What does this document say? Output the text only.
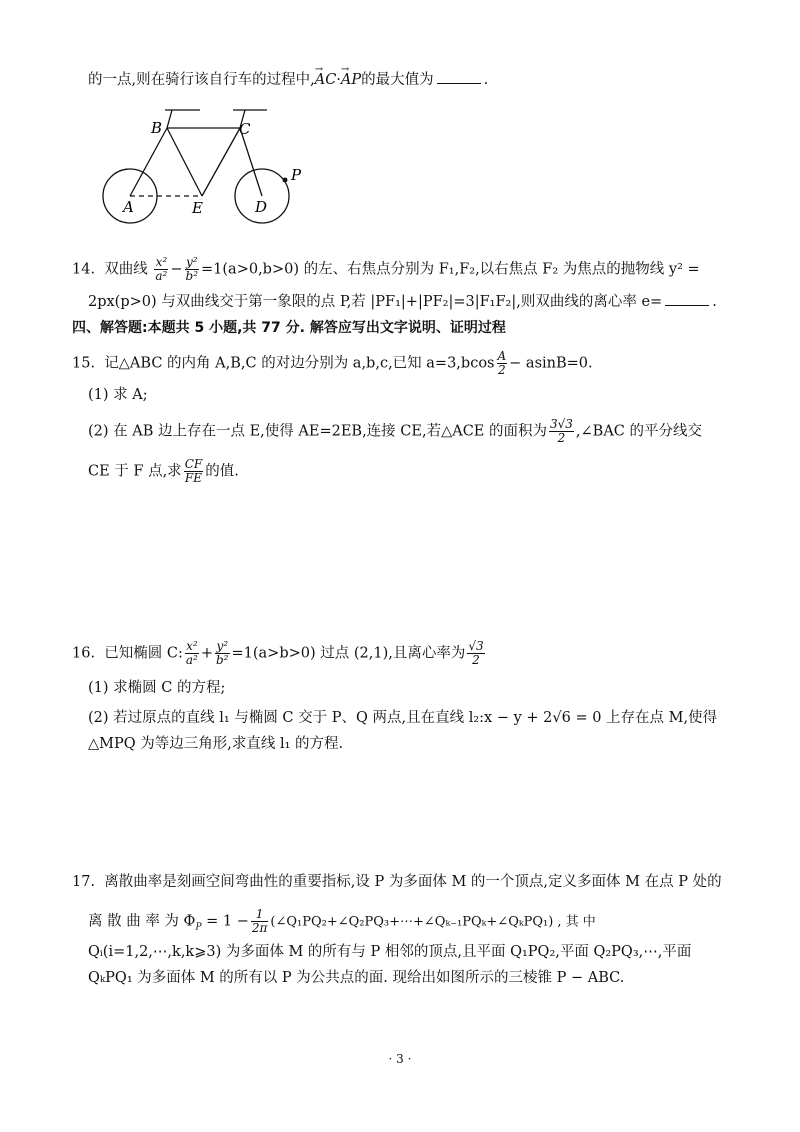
的一点,则在骑行该自行车的过程中,→ AC·→ AP的最大值为	.
B	C
A	E	D
P
14. 双曲线 $\frac{\text{x²}}{\text{a²}} - \frac{\text{y²}}{\text{b²}} =1(a>0,b>0)$ 的左、右焦点分别为 F₁,F₂,以右焦点 F₂ 为焦点的抛物线 y² =
2px(p>0) 与双曲线交于第一象限的点 P,若 |PF₁|+|PF₂|=3|F₁F₂|,则双曲线的离心率 e=	.
四、解答题:本题共 5 小题,共 77 分. 解答应写出文字说明、证明过程
15. 记△ABC 的内角 A,B,C 的对边分别为 a,b,c,已知 $a=3,bcos \frac{A}{2} - asinB=0$.
(1) 求 A;
(2) 在 AB 边上存在一点 E,使得 AE=2EB,连接 CE,若△ACE 的面积为 $\frac{3√3}{2}$ ,∠BAC 的平分线交
CE 于 F 点,求 $\frac{CF}{FE}$ 的值.
16. 已知椭圆 C: $\frac{\text{x²}}{\text{a²}} + \frac{\text{y²}}{\text{b²}} =1(a>b>0)$ 过点 (2,1),且离心率为 $\frac{√3}{2}$
(1) 求椭圆 C 的方程;
(2) 若过原点的直线 l₁ 与椭圆 C 交于 P、Q 两点,且在直线 l₂:x − y + 2√6 = 0 上存在点 M,使得
△MPQ 为等边三角形,求直线 l₁ 的方程.
17. 离散曲率是刻画空间弯曲性的重要指标,设 P 为多面体 M 的一个顶点,定义多面体 M 在点 P 处的
离 散 曲 率 为 $\Phi_P = 1 - \frac{1}{2\pi}$ (∠Q₁PQ₂+∠Q₂PQ₃+⋯+∠Qₖ₋₁PQₖ+∠QₖPQ₁) , 其 中
Qᵢ(i=1,2,⋯,k,k⩾3) 为多面体 M 的所有与 P 相邻的顶点,且平面 Q₁PQ₂,平面 Q₂PQ₃,⋯,平面
QₖPQ₁ 为多面体 M 的所有以 P 为公共点的面. 现给出如图所示的三棱锥 P − ABC.
· 3 ·
